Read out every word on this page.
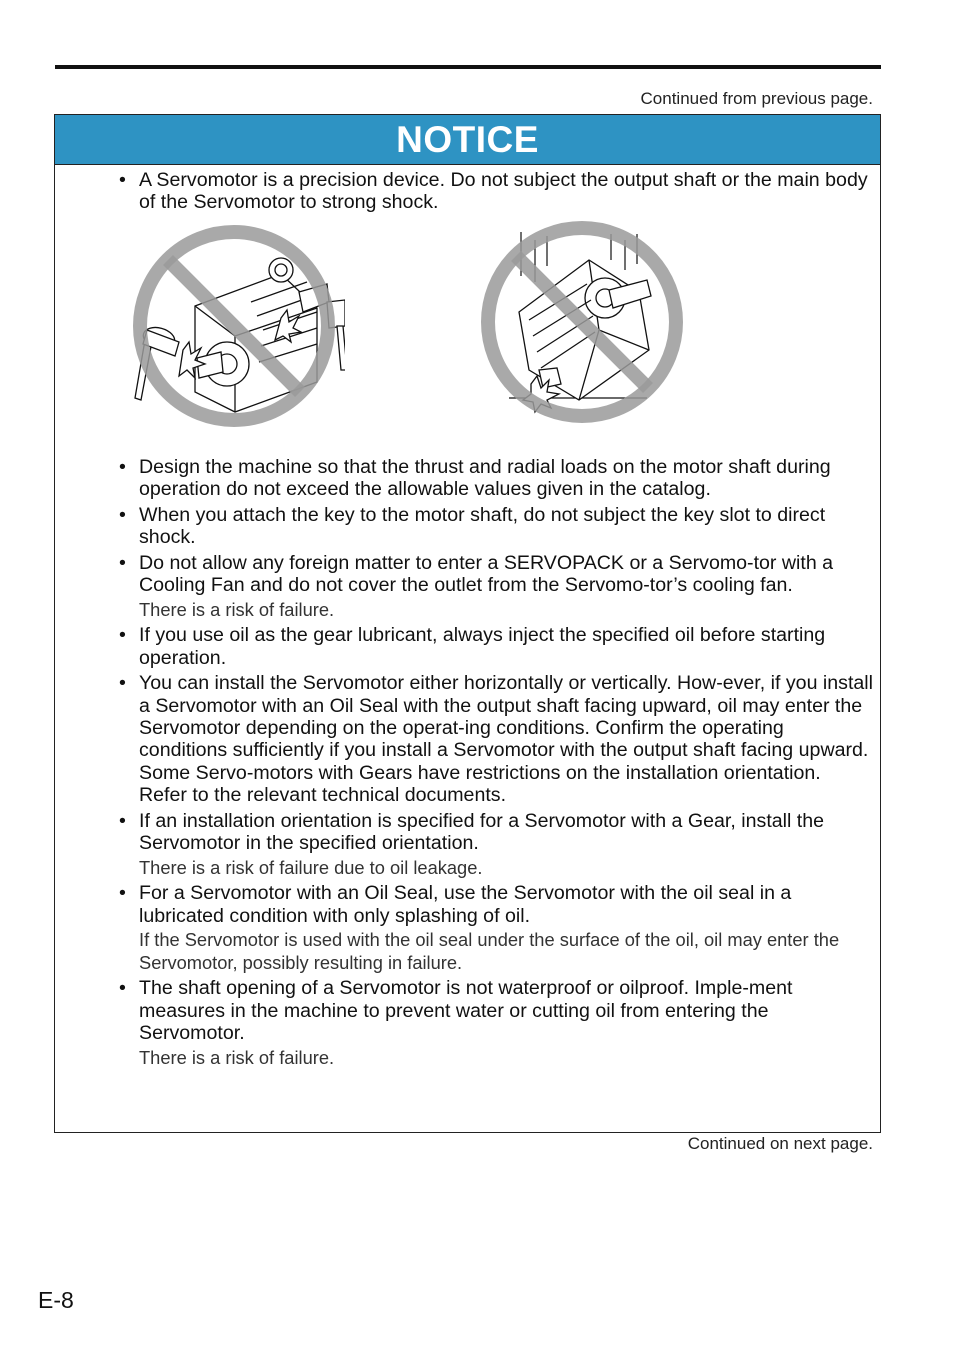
Continued from previous page.
NOTICE
• A Servomotor is a precision device. Do not subject the output shaft or the main body of the Servomotor to strong shock.
• Design the machine so that the thrust and radial loads on the motor shaft during operation do not exceed the allowable values given in the catalog.
• When you attach the key to the motor shaft, do not subject the key slot to direct shock.
• Do not allow any foreign matter to enter a SERVOPACK or a Servomo-tor with a Cooling Fan and do not cover the outlet from the Servomo-tor’s cooling fan.
There is a risk of failure.
• If you use oil as the gear lubricant, always inject the specified oil before starting operation.
• You can install the Servomotor either horizontally or vertically. How-ever, if you install a Servomotor with an Oil Seal with the output shaft facing upward, oil may enter the Servomotor depending on the operat-ing conditions. Confirm the operating conditions sufficiently if you install a Servomotor with the output shaft facing upward. Some Servo-motors with Gears have restrictions on the installation orientation. Refer to the relevant technical documents.
• If an installation orientation is specified for a Servomotor with a Gear, install the Servomotor in the specified orientation.
There is a risk of failure due to oil leakage.
• For a Servomotor with an Oil Seal, use the Servomotor with the oil seal in a lubricated condition with only splashing of oil.
If the Servomotor is used with the oil seal under the surface of the oil, oil may enter the Servomotor, possibly resulting in failure.
• The shaft opening of a Servomotor is not waterproof or oilproof. Imple-ment measures in the machine to prevent water or cutting oil from entering the Servomotor.
There is a risk of failure.
Continued on next page.
E-8
